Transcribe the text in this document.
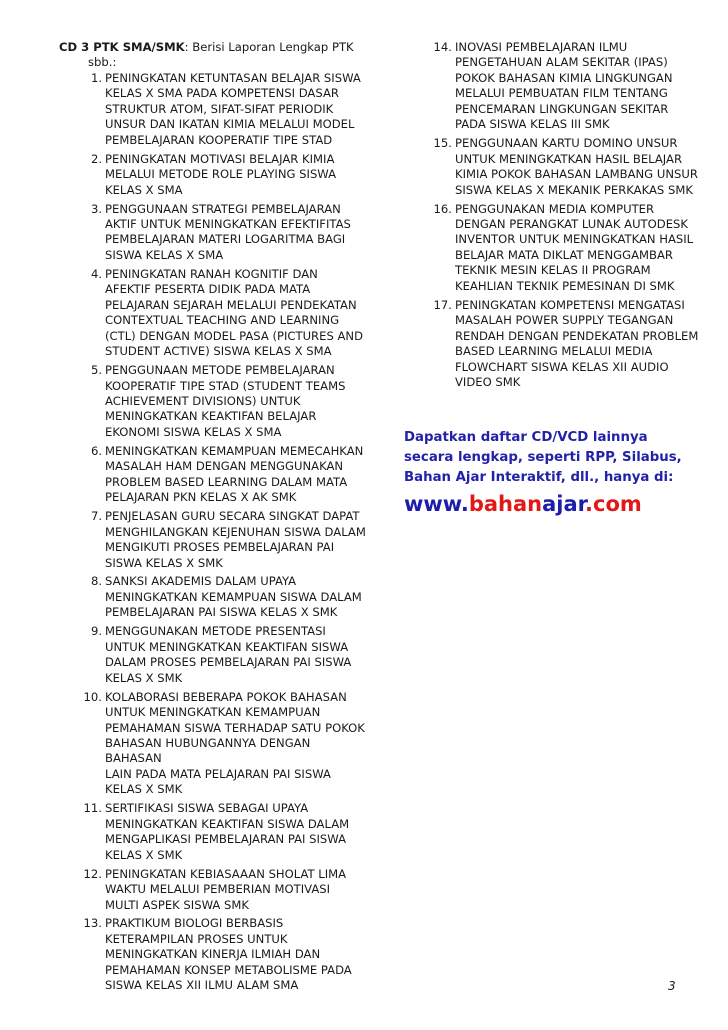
CD 3 PTK SMA/SMK: Berisi Laporan Lengkap PTK
sbb.:
1. PENINGKATAN KETUNTASAN BELAJAR SISWA
KELAS X SMA PADA KOMPETENSI DASAR
STRUKTUR ATOM, SIFAT-SIFAT PERIODIK
UNSUR DAN IKATAN KIMIA MELALUI MODEL
PEMBELAJARAN KOOPERATIF TIPE STAD
2. PENINGKATAN MOTIVASI BELAJAR KIMIA
MELALUI METODE ROLE PLAYING SISWA
KELAS X SMA
3. PENGGUNAAN STRATEGI PEMBELAJARAN
AKTIF UNTUK MENINGKATKAN EFEKTIFITAS
PEMBELAJARAN MATERI LOGARITMA BAGI
SISWA KELAS X SMA
4. PENINGKATAN RANAH KOGNITIF DAN
AFEKTIF PESERTA DIDIK PADA MATA
PELAJARAN SEJARAH MELALUI PENDEKATAN
CONTEXTUAL TEACHING AND LEARNING
(CTL) DENGAN MODEL PASA (PICTURES AND
STUDENT ACTIVE) SISWA KELAS X SMA
5. PENGGUNAAN METODE PEMBELAJARAN
KOOPERATIF TIPE STAD (STUDENT TEAMS
ACHIEVEMENT DIVISIONS) UNTUK
MENINGKATKAN KEAKTIFAN BELAJAR
EKONOMI SISWA KELAS X SMA
6. MENINGKATKAN KEMAMPUAN MEMECAHKAN
MASALAH HAM DENGAN MENGGUNAKAN
PROBLEM BASED LEARNING DALAM MATA
PELAJARAN PKN KELAS X AK SMK
7. PENJELASAN GURU SECARA SINGKAT DAPAT
MENGHILANGKAN KEJENUHAN SISWA DALAM
MENGIKUTI PROSES PEMBELAJARAN PAI
SISWA KELAS X SMK
8. SANKSI AKADEMIS DALAM UPAYA
MENINGKATKAN KEMAMPUAN SISWA DALAM
PEMBELAJARAN PAI SISWA KELAS X SMK
9. MENGGUNAKAN METODE PRESENTASI
UNTUK MENINGKATKAN KEAKTIFAN SISWA
DALAM PROSES PEMBELAJARAN PAI SISWA
KELAS X SMK
10. KOLABORASI BEBERAPA POKOK BAHASAN
UNTUK MENINGKATKAN KEMAMPUAN
PEMAHAMAN SISWA TERHADAP SATU POKOK
BAHASAN HUBUNGANNYA DENGAN BAHASAN
LAIN PADA MATA PELAJARAN PAI SISWA
KELAS X SMK
11. SERTIFIKASI SISWA SEBAGAI UPAYA
MENINGKATKAN KEAKTIFAN SISWA DALAM
MENGAPLIKASI PEMBELAJARAN PAI SISWA
KELAS X SMK
12. PENINGKATAN KEBIASAAAN SHOLAT LIMA
WAKTU MELALUI PEMBERIAN MOTIVASI
MULTI ASPEK SISWA SMK
13. PRAKTIKUM BIOLOGI BERBASIS
KETERAMPILAN PROSES UNTUK
MENINGKATKAN KINERJA ILMIAH DAN
PEMAHAMAN KONSEP METABOLISME PADA
SISWA KELAS XII ILMU ALAM SMA
14. INOVASI PEMBELAJARAN ILMU
PENGETAHUAN ALAM SEKITAR (IPAS)
POKOK BAHASAN KIMIA LINGKUNGAN
MELALUI PEMBUATAN FILM TENTANG
PENCEMARAN LINGKUNGAN SEKITAR
PADA SISWA KELAS III SMK
15. PENGGUNAAN KARTU DOMINO UNSUR
UNTUK MENINGKATKAN HASIL BELAJAR
KIMIA POKOK BAHASAN LAMBANG UNSUR
SISWA KELAS X MEKANIK PERKAKAS SMK
16. PENGGUNAKAN MEDIA KOMPUTER
DENGAN PERANGKAT LUNAK AUTODESK
INVENTOR UNTUK MENINGKATKAN HASIL
BELAJAR MATA DIKLAT MENGGAMBAR
TEKNIK MESIN KELAS II PROGRAM
KEAHLIAN TEKNIK PEMESINAN DI SMK
17. PENINGKATAN KOMPETENSI MENGATASI
MASALAH POWER SUPPLY TEGANGAN
RENDAH DENGAN PENDEKATAN PROBLEM
BASED LEARNING MELALUI MEDIA
FLOWCHART SISWA KELAS XII AUDIO
VIDEO SMK
Dapatkan daftar CD/VCD lainnya
secara lengkap, seperti RPP, Silabus,
Bahan Ajar Interaktif, dll., hanya di:
www.bahanajar.com
3
